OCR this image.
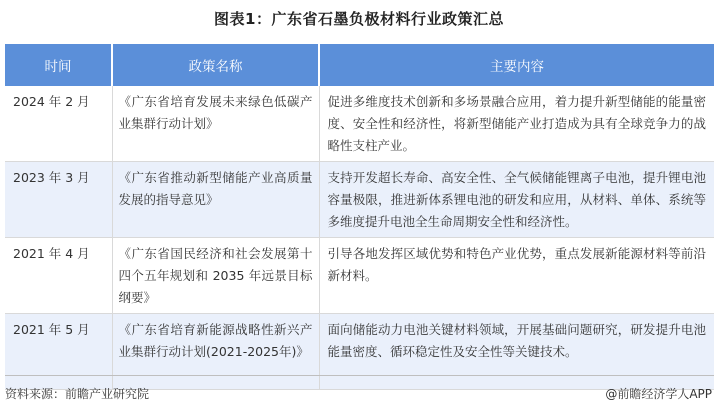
图表1：广东省石墨负极材料行业政策汇总
时间	政策名称	主要内容
2024 年 2 月	《广东省培育发展未来绿色低碳产业集群行动计划》	促进多维度技术创新和多场景融合应用，着力提升新型储能的能量密度、安全性和经济性，将新型储能产业打造成为具有全球竞争力的战略性支柱产业。
2023 年 3 月	《广东省推动新型储能产业高质量发展的指导意见》	支持开发超长寿命、高安全性、全气候储能锂离子电池，提升锂电池容量极限，推进新体系锂电池的研发和应用，从材料、单体、系统等多维度提升电池全生命周期安全性和经济性。
2021 年 4 月	《广东省国民经济和社会发展第十四个五年规划和 2035 年远景目标纲要》	引导各地发挥区域优势和特色产业优势，重点发展新能源材料等前沿新材料。
2021 年 5 月	《广东省培育新能源战略性新兴产业集群行动计划(2021-2025年)》	面向储能动力电池关键材料领域，开展基础问题研究，研发提升电池能量密度、循环稳定性及安全性等关键技术。
资料来源：前瞻产业研究院	@前瞻经济学人APP
